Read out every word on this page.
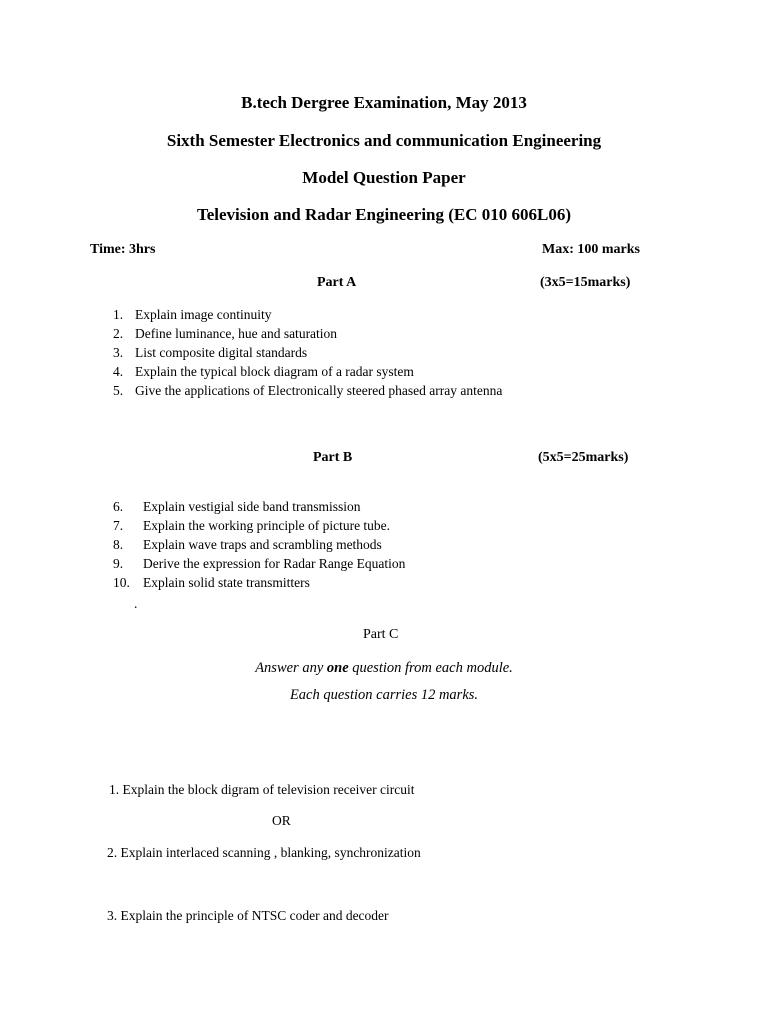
B.tech Dergree Examination, May 2013
Sixth Semester Electronics and communication Engineering
Model Question Paper
Television and Radar Engineering (EC 010 606L06)
Time: 3hrs	Max: 100 marks
Part A	(3x5=15marks)
1. Explain image continuity
2. Define luminance, hue and saturation
3. List composite digital standards
4. Explain the typical block diagram of a radar system
5. Give the applications of Electronically steered phased array antenna
Part B	(5x5=25marks)
6. Explain vestigial side band transmission
7. Explain the working principle of picture tube.
8. Explain wave traps and scrambling methods
9. Derive the expression for Radar Range Equation
10. Explain solid state transmitters
.
Part C
Answer any one question from each module.
Each question carries 12 marks.
1. Explain the block digram of television receiver circuit
OR
2. Explain interlaced scanning , blanking, synchronization
3. Explain the principle of NTSC coder and decoder
